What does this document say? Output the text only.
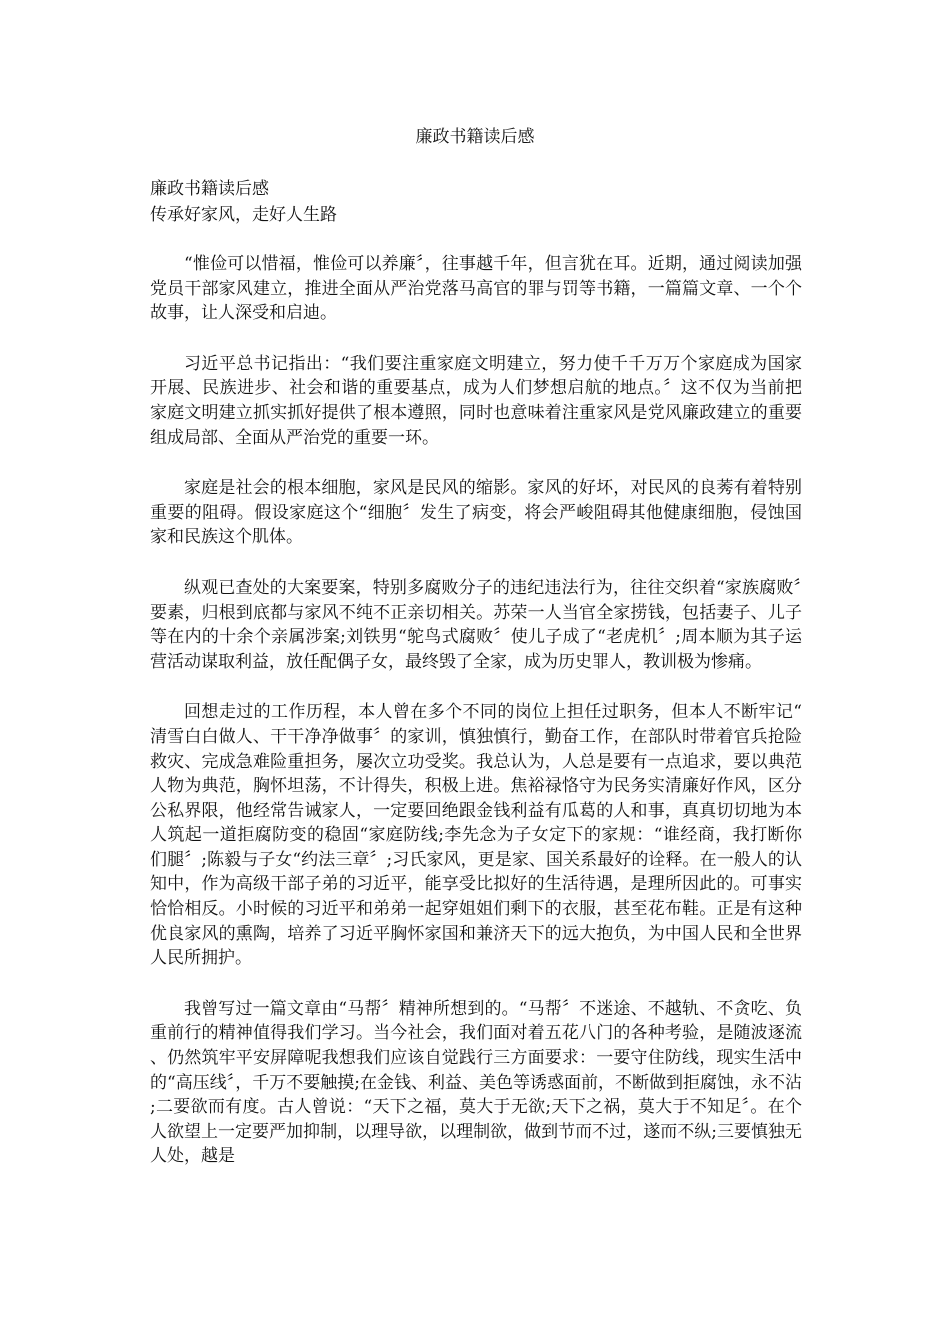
廉政书籍读后感
廉政书籍读后感
传承好家风，走好人生路

“惟俭可以惜福，惟俭可以养廉〞，往事越千年，但言犹在耳。近期，通过阅读加强党员干部家风建立，推进全面从严治党落马高官的罪与罚等书籍，一篇篇文章、一个个故事，让人深受和启迪。

习近平总书记指出：“我们要注重家庭文明建立，努力使千千万万个家庭成为国家开展、民族进步、社会和谐的重要基点，成为人们梦想启航的地点。〞这不仅为当前把家庭文明建立抓实抓好提供了根本遵照，同时也意味着注重家风是党风廉政建立的重要组成局部、全面从严治党的重要一环。

家庭是社会的根本细胞，家风是民风的缩影。家风的好坏，对民风的良莠有着特别重要的阻碍。假设家庭这个“细胞〞发生了病变，将会严峻阻碍其他健康细胞，侵蚀国家和民族这个肌体。

纵观已查处的大案要案，特别多腐败分子的违纪违法行为，往往交织着“家族腐败〞要素，归根到底都与家风不纯不正亲切相关。苏荣一人当官全家捞钱，包括妻子、儿子等在内的十余个亲属涉案;刘铁男“鸵鸟式腐败〞使儿子成了“老虎机〞;周本顺为其子运营活动谋取利益，放任配偶子女，最终毁了全家，成为历史罪人，教训极为惨痛。

回想走过的工作历程，本人曾在多个不同的岗位上担任过职务，但本人不断牢记“清雪白白做人、干干净净做事〞的家训，慎独慎行，勤奋工作，在部队时带着官兵抢险救灾、完成急难险重担务，屡次立功受奖。我总认为，人总是要有一点追求，要以典范人物为典范，胸怀坦荡，不计得失，积极上进。焦裕禄恪守为民务实清廉好作风，区分公私界限，他经常告诫家人，一定要回绝跟金钱利益有瓜葛的人和事，真真切切地为本人筑起一道拒腐防变的稳固“家庭防线;李先念为子女定下的家规：“谁经商，我打断你们腿〞;陈毅与子女“约法三章〞;习氏家风，更是家、国关系最好的诠释。在一般人的认知中，作为高级干部子弟的习近平，能享受比拟好的生活待遇，是理所因此的。可事实恰恰相反。小时候的习近平和弟弟一起穿姐姐们剩下的衣服，甚至花布鞋。正是有这种优良家风的熏陶，培养了习近平胸怀家国和兼济天下的远大抱负，为中国人民和全世界人民所拥护。

我曾写过一篇文章由“马帮〞精神所想到的。“马帮〞不迷途、不越轨、不贪吃、负重前行的精神值得我们学习。当今社会，我们面对着五花八门的各种考验，是随波逐流、仍然筑牢平安屏障呢我想我们应该自觉践行三方面要求：一要守住防线，现实生活中的“高压线〞，千万不要触摸;在金钱、利益、美色等诱惑面前，不断做到拒腐蚀，永不沾;二要欲而有度。古人曾说：“天下之福，莫大于无欲;天下之祸，莫大于不知足〞。在个人欲望上一定要严加抑制，以理导欲，以理制欲，做到节而不过，遂而不纵;三要慎独无人处，越是
